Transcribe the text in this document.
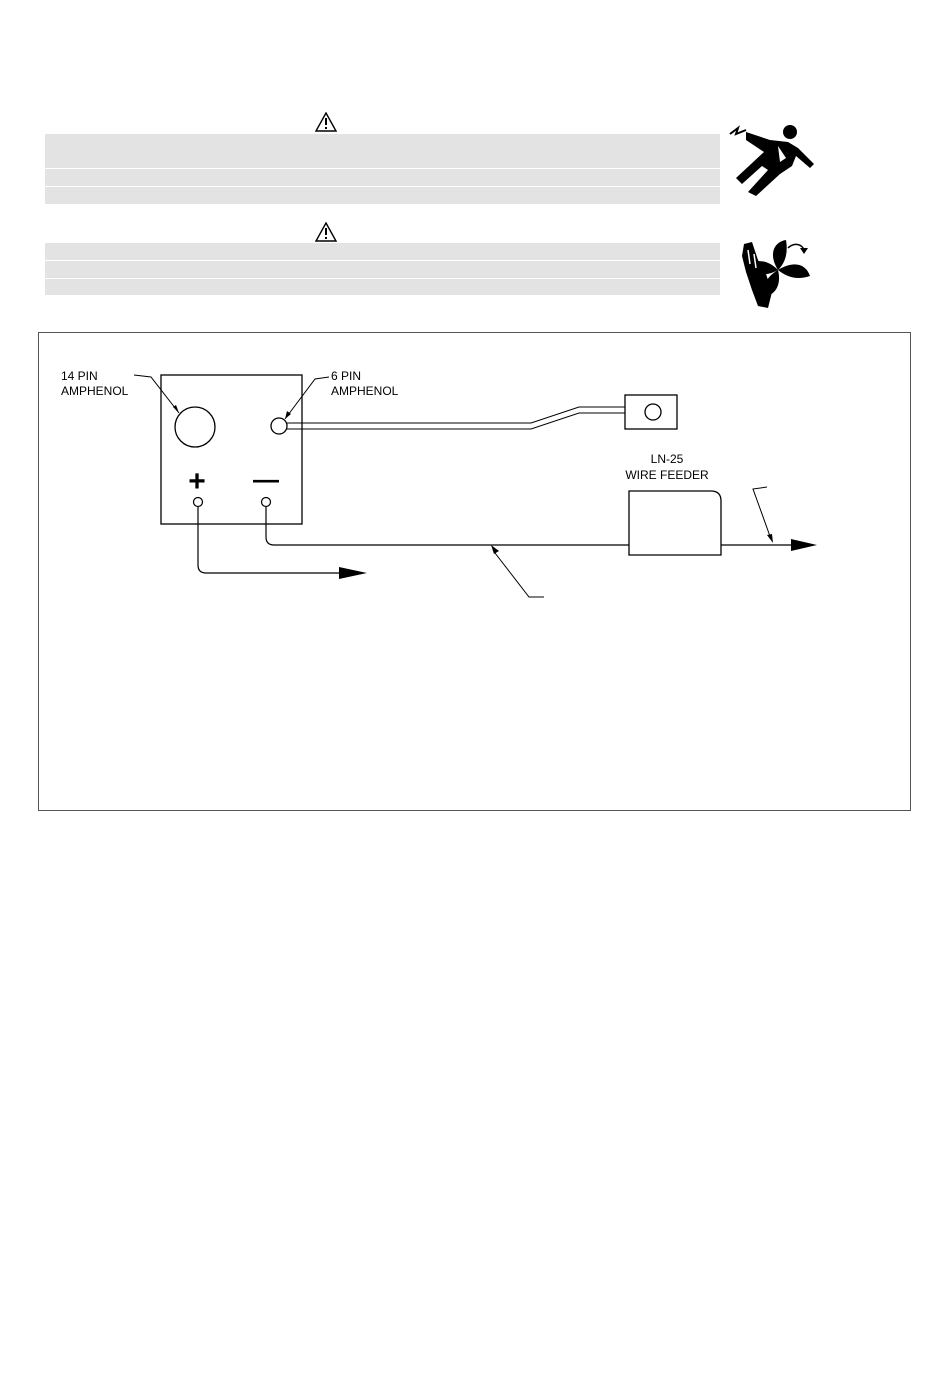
+ —
14 PIN
AMPHENOL
6 PIN
AMPHENOL
LN-25
WIRE FEEDER
